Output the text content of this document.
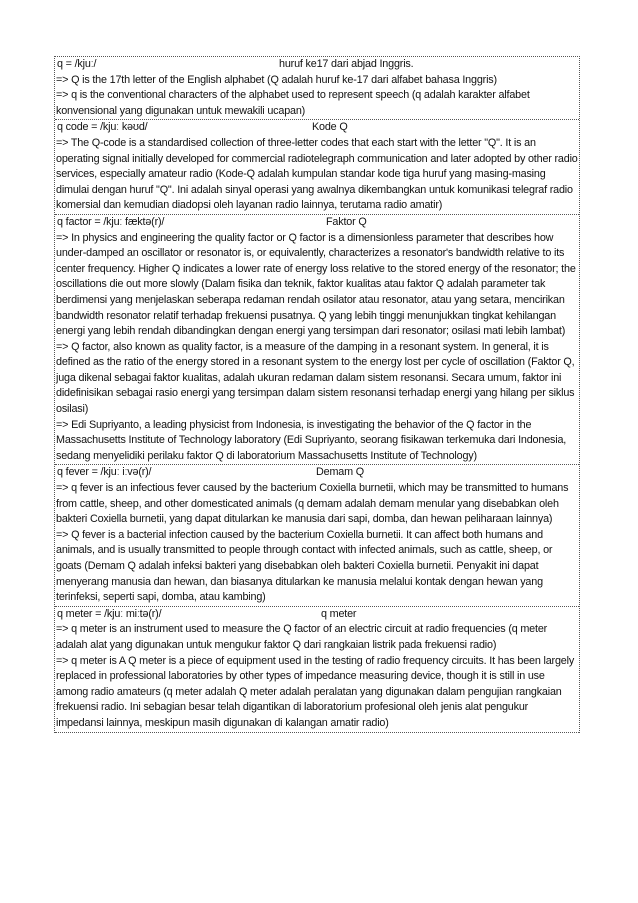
q = /kjuː/	huruf ke17 dari abjad Inggris.

=> Q is the 17th letter of the English alphabet (Q adalah huruf ke-17 dari alfabet bahasa Inggris)

=> q is the conventional characters of the alphabet used to represent speech (q adalah karakter alfabet konvensional yang digunakan untuk mewakili ucapan)

q code = /kjuː kəʊd/	Kode Q

=> The Q-code is a standardised collection of three-letter codes that each start with the letter "Q". It is an operating signal initially developed for commercial radiotelegraph communication and later adopted by other radio services, especially amateur radio (Kode-Q adalah kumpulan standar kode tiga huruf yang masing-masing dimulai dengan huruf "Q". Ini adalah sinyal operasi yang awalnya dikembangkan untuk komunikasi telegraf radio komersial dan kemudian diadopsi oleh layanan radio lainnya, terutama radio amatir)

q factor = /kjuː fæktə(r)/	Faktor Q

=> In physics and engineering the quality factor or Q factor is a dimensionless parameter that describes how under-damped an oscillator or resonator is, or equivalently, characterizes a resonator's bandwidth relative to its center frequency. Higher Q indicates a lower rate of energy loss relative to the stored energy of the resonator; the oscillations die out more slowly (Dalam fisika dan teknik, faktor kualitas atau faktor Q adalah parameter tak berdimensi yang menjelaskan seberapa redaman rendah osilator atau resonator, atau yang setara, mencirikan bandwidth resonator relatif terhadap frekuensi pusatnya. Q yang lebih tinggi menunjukkan tingkat kehilangan energi yang lebih rendah dibandingkan dengan energi yang tersimpan dari resonator; osilasi mati lebih lambat)

=> Q factor, also known as quality factor, is a measure of the damping in a resonant system. In general, it is defined as the ratio of the energy stored in a resonant system to the energy lost per cycle of oscillation (Faktor Q, juga dikenal sebagai faktor kualitas, adalah ukuran redaman dalam sistem resonansi. Secara umum, faktor ini didefinisikan sebagai rasio energi yang tersimpan dalam sistem resonansi terhadap energi yang hilang per siklus osilasi)

=> Edi Supriyanto, a leading physicist from Indonesia, is investigating the behavior of the Q factor in the Massachusetts Institute of Technology laboratory (Edi Supriyanto, seorang fisikawan terkemuka dari Indonesia, sedang menyelidiki perilaku faktor Q di laboratorium Massachusetts Institute of Technology)

q fever = /kjuː iːvə(r)/	Demam Q

=> q fever is an infectious fever caused by the bacterium Coxiella burnetii, which may be transmitted to humans from cattle, sheep, and other domesticated animals (q demam adalah demam menular yang disebabkan oleh bakteri Coxiella burnetii, yang dapat ditularkan ke manusia dari sapi, domba, dan hewan peliharaan lainnya)

=> Q fever is a bacterial infection caused by the bacterium Coxiella burnetii. It can affect both humans and animals, and is usually transmitted to people through contact with infected animals, such as cattle, sheep, or goats (Demam Q adalah infeksi bakteri yang disebabkan oleh bakteri Coxiella burnetii. Penyakit ini dapat menyerang manusia dan hewan, dan biasanya ditularkan ke manusia melalui kontak dengan hewan yang terinfeksi, seperti sapi, domba, atau kambing)

q meter = /kjuː miːtə(r)/	q meter

=> q meter is an instrument used to measure the Q factor of an electric circuit at radio frequencies (q meter adalah alat yang digunakan untuk mengukur faktor Q dari rangkaian listrik pada frekuensi radio)

=> q meter is A Q meter is a piece of equipment used in the testing of radio frequency circuits. It has been largely replaced in professional laboratories by other types of impedance measuring device, though it is still in use among radio amateurs (q meter adalah Q meter adalah peralatan yang digunakan dalam pengujian rangkaian frekuensi radio. Ini sebagian besar telah digantikan di laboratorium profesional oleh jenis alat pengukur impedansi lainnya, meskipun masih digunakan di kalangan amatir radio)
